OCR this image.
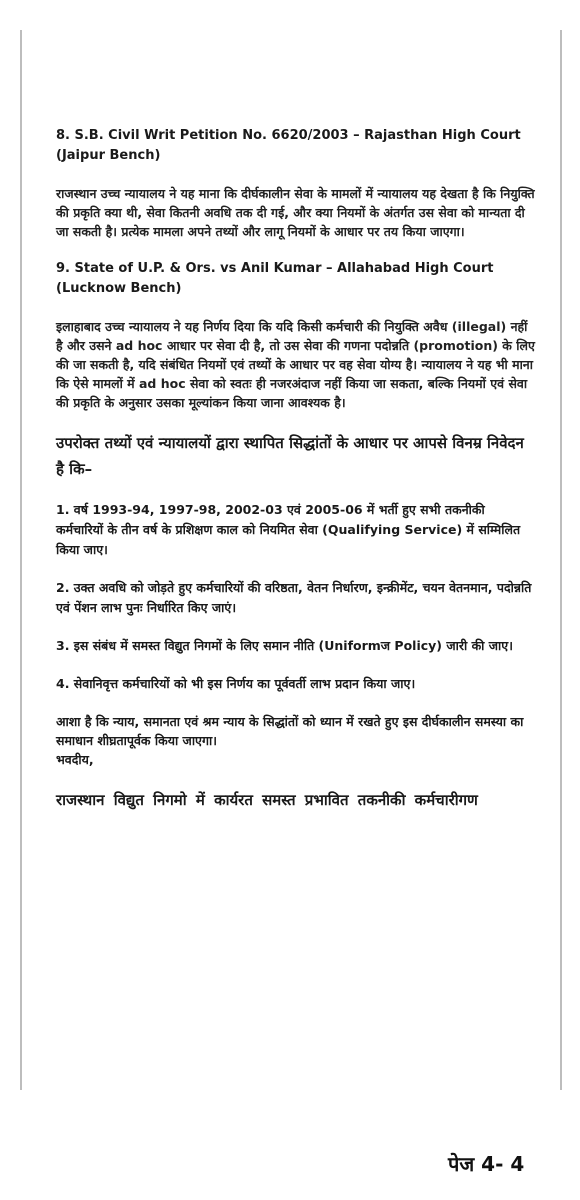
8. S.B. Civil Writ Petition No. 6620/2003 – Rajasthan High Court (Jaipur Bench)

राजस्थान उच्च न्यायालय ने यह माना कि दीर्घकालीन सेवा के मामलों में न्यायालय यह देखता है कि नियुक्ति की प्रकृति क्या थी, सेवा कितनी अवधि तक दी गई, और क्या नियमों के अंतर्गत उस सेवा को मान्यता दी जा सकती है। प्रत्येक मामला अपने तथ्यों और लागू नियमों के आधार पर तय किया जाएगा।

9. State of U.P. & Ors. vs Anil Kumar – Allahabad High Court (Lucknow Bench)

इलाहाबाद उच्च न्यायालय ने यह निर्णय दिया कि यदि किसी कर्मचारी की नियुक्ति अवैध (illegal) नहीं है और उसने ad hoc आधार पर सेवा दी है, तो उस सेवा की गणना पदोन्नति (promotion) के लिए की जा सकती है, यदि संबंधित नियमों एवं तथ्यों के आधार पर वह सेवा योग्य है। न्यायालय ने यह भी माना कि ऐसे मामलों में ad hoc सेवा को स्वतः ही नजरअंदाज नहीं किया जा सकता, बल्कि नियमों एवं सेवा की प्रकृति के अनुसार उसका मूल्यांकन किया जाना आवश्यक है।

उपरोक्त तथ्यों एवं न्यायालयों द्वारा स्थापित सिद्धांतों के आधार पर आपसे विनम्र निवेदन है कि–

1. वर्ष 1993-94, 1997-98, 2002-03 एवं 2005-06 में भर्ती हुए सभी तकनीकी कर्मचारियों के तीन वर्ष के प्रशिक्षण काल को नियमित सेवा (Qualifying Service) में सम्मिलित किया जाए।

2. उक्त अवधि को जोड़ते हुए कर्मचारियों की वरिष्ठता, वेतन निर्धारण, इन्क्रीमेंट, चयन वेतनमान, पदोन्नति एवं पेंशन लाभ पुनः निर्धारित किए जाएं।

3. इस संबंध में समस्त विद्युत निगमों के लिए समान नीति (Uniformज Policy) जारी की जाए।

4. सेवानिवृत्त कर्मचारियों को भी इस निर्णय का पूर्ववर्ती लाभ प्रदान किया जाए।

आशा है कि न्याय, समानता एवं श्रम न्याय के सिद्धांतों को ध्यान में रखते हुए इस दीर्घकालीन समस्या का समाधान शीघ्रतापूर्वक किया जाएगा।

भवदीय,

राजस्थान विद्युत निगमो में कार्यरत समस्त प्रभावित तकनीकी कर्मचारीगण

पेज 4- 4
